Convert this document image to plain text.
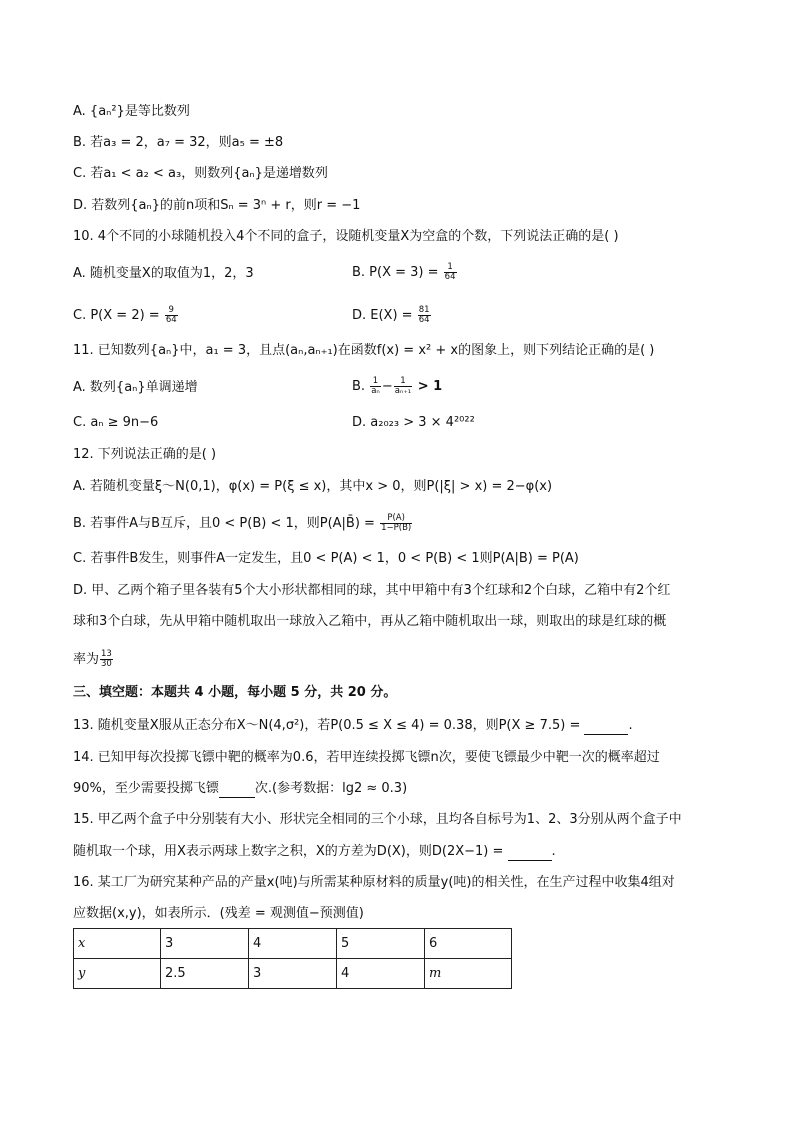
A. {aₙ²}是等比数列
B. 若a₃ = 2，a₇ = 32，则a₅ = ±8
C. 若a₁ < a₂ < a₃，则数列{aₙ}是递增数列
D. 若数列{aₙ}的前n项和Sₙ = 3ⁿ + r，则r = −1
10. 4个不同的小球随机投入4个不同的盒子，设随机变量X为空盒的个数，下列说法正确的是( )
A. 随机变量X的取值为1，2，3	B. $P(X = 3) = \frac{1}{64}$
C. $P(X = 2) = \frac{9}{64}$	D. $E(X) = \frac{81}{64}$
11. 已知数列{aₙ}中，a₁ = 3，且点(aₙ,aₙ₊₁)在函数f(x) = x² + x的图象上，则下列结论正确的是( )
A. 数列{aₙ}单调递增	B. $\frac{1}{\text{aₙ}} - \frac{1}{\text{aₙ₊₁}} > 1$
C. aₙ ≥ 9n−6	D. a₂₀₂₃ > 3 × 4²⁰²²
12. 下列说法正确的是( )
A. 若随机变量ξ～N(0,1)，φ(x) = P(ξ ≤ x)，其中x > 0，则P(|ξ| > x) = 2−φ(x)
B. 若事件A与B互斥，且0 < P(B) < 1，则P(A|B̄) = $\frac{P(A)}{1-P(B)}$
C. 若事件B发生，则事件A一定发生，且0 < P(A) < 1，0 < P(B) < 1则P(A|B) = P(A)
D. 甲、乙两个箱子里各装有5个大小形状都相同的球，其中甲箱中有3个红球和2个白球，乙箱中有2个红
球和3个白球，先从甲箱中随机取出一球放入乙箱中，再从乙箱中随机取出一球，则取出的球是红球的概
率为 $\frac{13}{30}$
三、填空题：本题共 4 小题，每小题 5 分，共 20 分。
13. 随机变量X服从正态分布X～N(4,σ²)，若P(0.5 ≤ X ≤ 4) = 0.38，则P(X ≥ 7.5) =	.
14. 已知甲每次投掷飞镖中靶的概率为0.6，若甲连续投掷飞镖n次，要使飞镖最少中靶一次的概率超过
90%，至少需要投掷飞镖	次.(参考数据：lg2 ≈ 0.3)
15. 甲乙两个盒子中分别装有大小、形状完全相同的三个小球，且均各自标号为1、2、3分别从两个盒子中
随机取一个球，用X表示两球上数字之积，X的方差为D(X)，则D(2X−1) =	.
16. 某工厂为研究某种产品的产量x(吨)与所需某种原材料的质量y(吨)的相关性，在生产过程中收集4组对
应数据(x,y)，如表所示．(残差 = 观测值−预测值)
x	3	4	5	6
y	2.5	3	4	m
